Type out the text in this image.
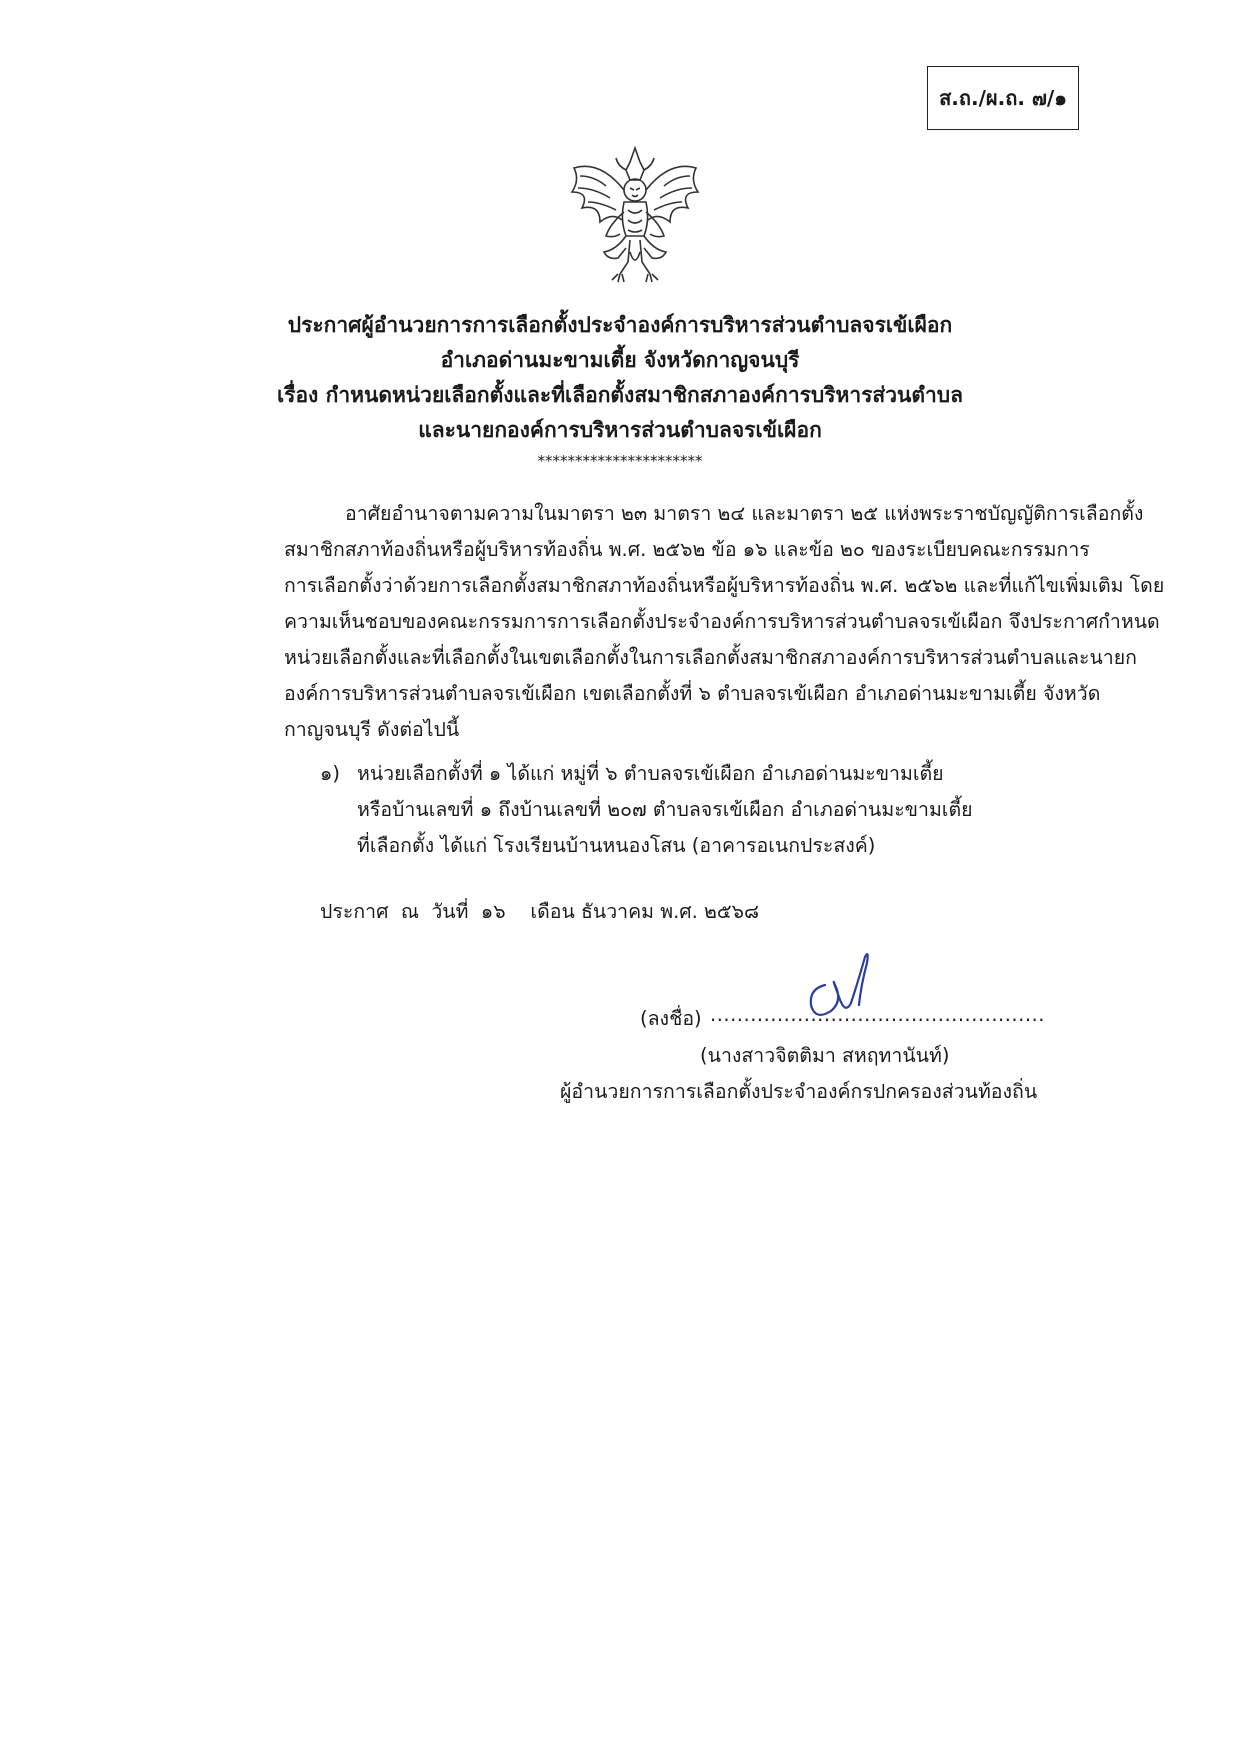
ส.ถ./ผ.ถ. ๗/๑
ประกาศผู้อำนวยการการเลือกตั้งประจำองค์การบริหารส่วนตำบลจรเข้เผือก
อำเภอด่านมะขามเตี้ย จังหวัดกาญจนบุรี
เรื่อง กำหนดหน่วยเลือกตั้งและที่เลือกตั้งสมาชิกสภาองค์การบริหารส่วนตำบล
และนายกองค์การบริหารส่วนตำบลจรเข้เผือก
**********************
อาศัยอำนาจตามความในมาตรา ๒๓ มาตรา ๒๔ และมาตรา ๒๕ แห่งพระราชบัญญัติการเลือกตั้ง
สมาชิกสภาท้องถิ่นหรือผู้บริหารท้องถิ่น พ.ศ. ๒๕๖๒ ข้อ ๑๖ และข้อ ๒๐ ของระเบียบคณะกรรมการ
การเลือกตั้งว่าด้วยการเลือกตั้งสมาชิกสภาท้องถิ่นหรือผู้บริหารท้องถิ่น พ.ศ. ๒๕๖๒ และที่แก้ไขเพิ่มเติม โดย
ความเห็นชอบของคณะกรรมการการเลือกตั้งประจำองค์การบริหารส่วนตำบลจรเข้เผือก จึงประกาศกำหนด
หน่วยเลือกตั้งและที่เลือกตั้งในเขตเลือกตั้งในการเลือกตั้งสมาชิกสภาองค์การบริหารส่วนตำบลและนายก
องค์การบริหารส่วนตำบลจรเข้เผือก เขตเลือกตั้งที่ ๖ ตำบลจรเข้เผือก อำเภอด่านมะขามเตี้ย จังหวัด
กาญจนบุรี ดังต่อไปนี้
๑) หน่วยเลือกตั้งที่ ๑ ได้แก่ หมู่ที่ ๖ ตำบลจรเข้เผือก อำเภอด่านมะขามเตี้ย
หรือบ้านเลขที่ ๑ ถึงบ้านเลขที่ ๒๐๗ ตำบลจรเข้เผือก อำเภอด่านมะขามเตี้ย
ที่เลือกตั้ง ได้แก่ โรงเรียนบ้านหนองโสน (อาคารอเนกประสงค์)
ประกาศ  ณ  วันที่  ๑๖    เดือน ธันวาคม พ.ศ. ๒๕๖๘
(ลงชื่อ) ..................................................
(นางสาวจิตติมา สหฤทานันท์)
ผู้อำนวยการการเลือกตั้งประจำองค์กรปกครองส่วนท้องถิ่น
